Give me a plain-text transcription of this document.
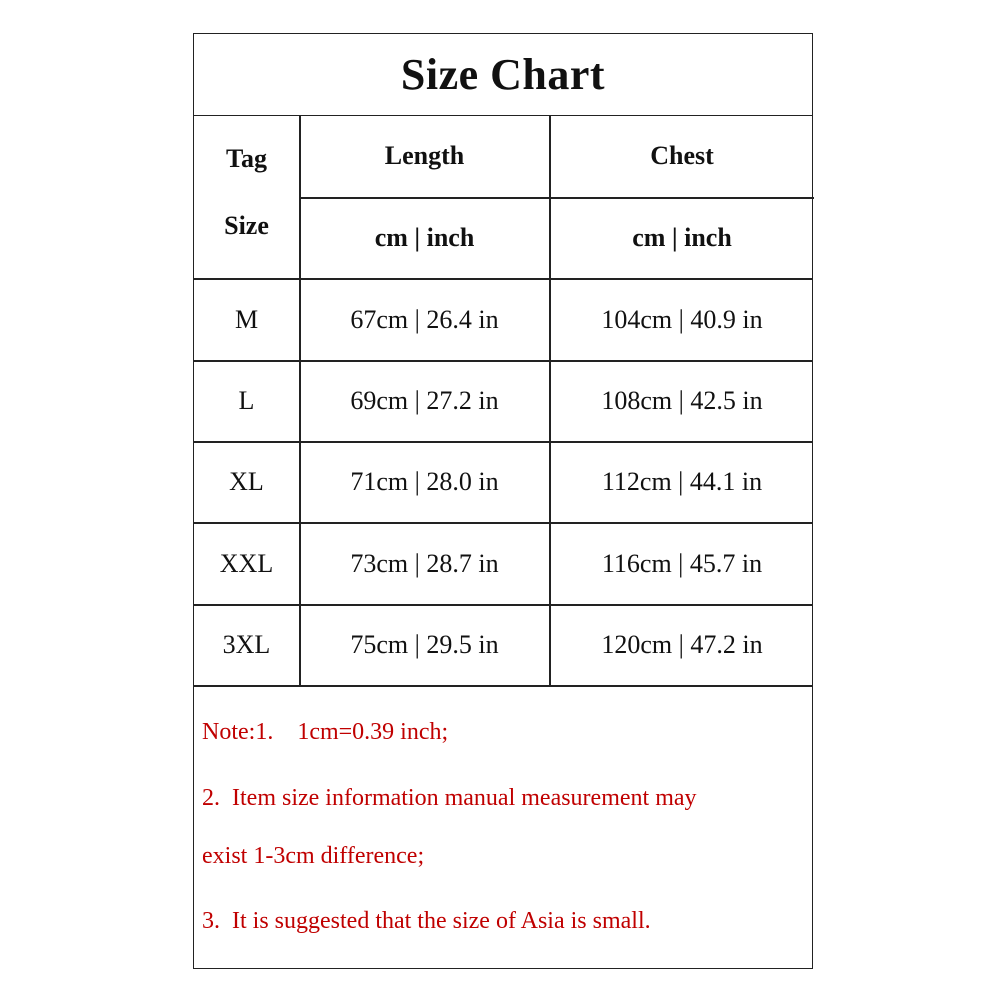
Size Chart
Tag
Size
Length	Chest
cm | inch	cm | inch
M	67cm | 26.4 in	104cm | 40.9 in
L	69cm | 27.2 in	108cm | 42.5 in
XL	71cm | 28.0 in	112cm | 44.1 in
XXL	73cm | 28.7 in	116cm | 45.7 in
3XL	75cm | 29.5 in	120cm | 47.2 in
Note:1.    1cm=0.39 inch;
2.  Item size information manual measurement may
exist 1-3cm difference;
3.  It is suggested that the size of Asia is small.
